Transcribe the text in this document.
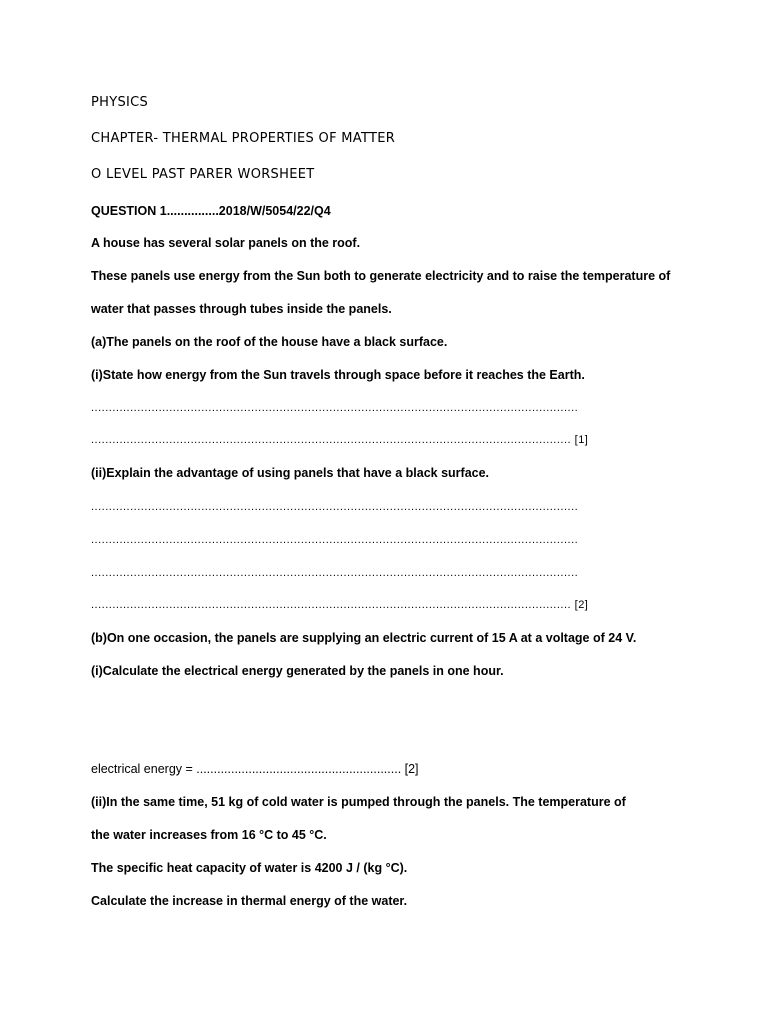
PHYSICS
CHAPTER- THERMAL PROPERTIES OF MATTER
O LEVEL PAST PARER WORSHEET
QUESTION 1...............2018/W/5054/22/Q4
A house has several solar panels on the roof.
These panels use energy from the Sun both to generate electricity and to raise the temperature of
water that passes through tubes inside the panels.
(a)The panels on the roof of the house have a black surface.
(i)State how energy from the Sun travels through space before it reaches the Earth.
.........................................................................................................................................
....................................................................................................................................... [1]
(ii)Explain the advantage of using panels that have a black surface.
.........................................................................................................................................
.........................................................................................................................................
.........................................................................................................................................
....................................................................................................................................... [2]
(b)On one occasion, the panels are supplying an electric current of 15 A at a voltage of 24 V.
(i)Calculate the electrical energy generated by the panels in one hour.
electrical energy = ........................................................... [2]
(ii)In the same time, 51 kg of cold water is pumped through the panels. The temperature of
the water increases from 16 °C to 45 °C.
The specific heat capacity of water is 4200 J / (kg °C).
Calculate the increase in thermal energy of the water.
